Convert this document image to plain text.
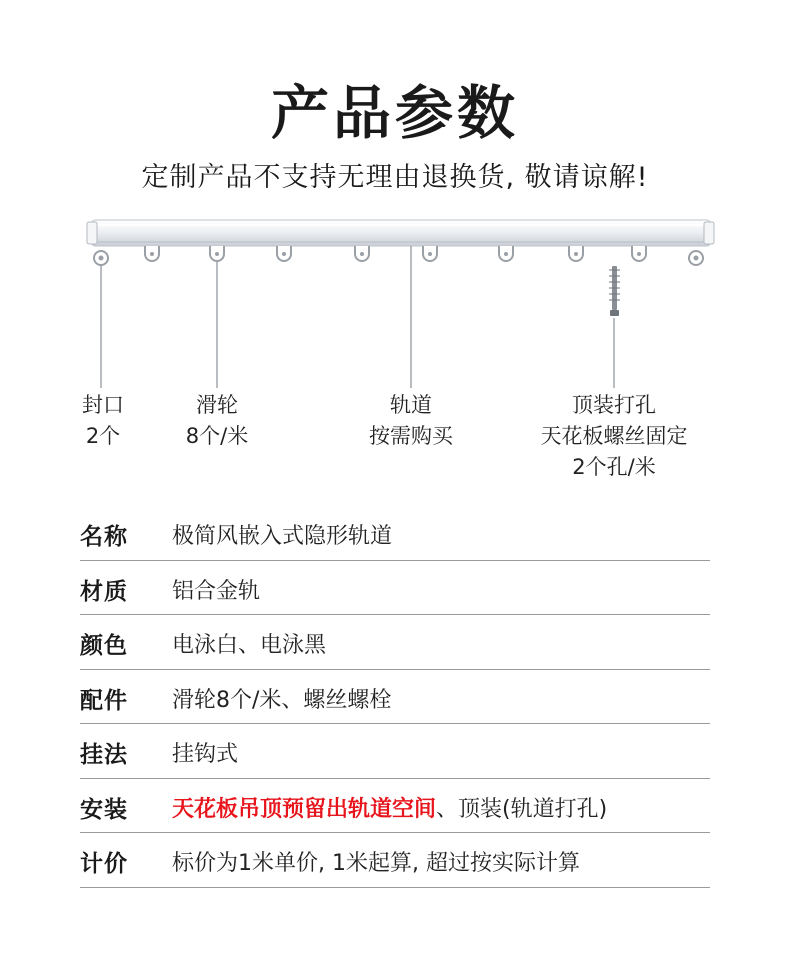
产品参数
定制产品不支持无理由退换货, 敬请谅解!
封口
2个
滑轮
8个/米
轨道
按需购买
顶装打孔
天花板螺丝固定
2个孔/米
名称 极简风嵌入式隐形轨道
材质 铝合金轨
颜色 电泳白、电泳黑
配件 滑轮8个/米、螺丝螺栓
挂法 挂钩式
安装 天花板吊顶预留出轨道空间、顶装(轨道打孔)
计价 标价为1米单价, 1米起算, 超过按实际计算
